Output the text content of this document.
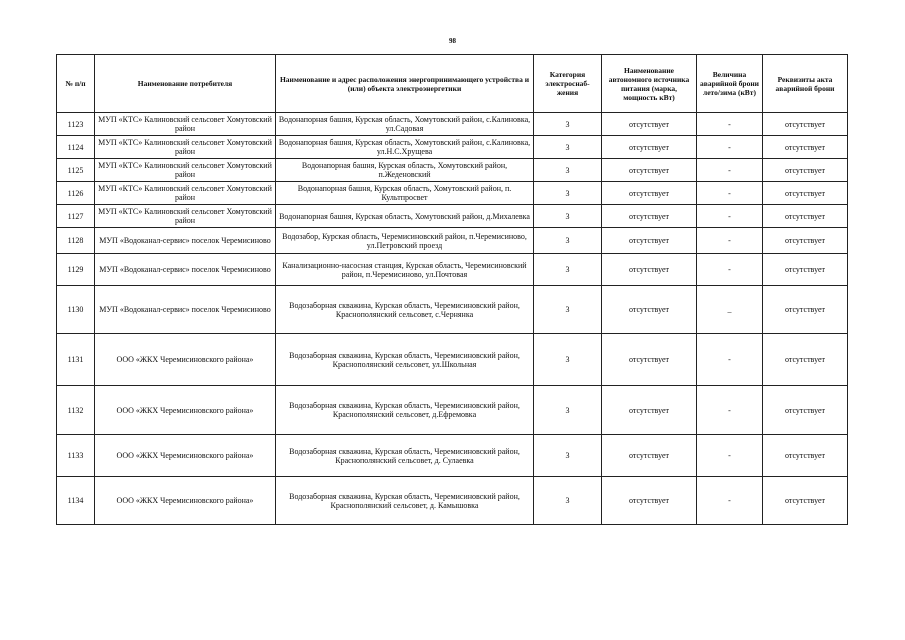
98
№ п/п	Наименование потребителя	Наименование и адрес расположения энергопринимающего устройства и (или) объекта электроэнергетики	Категория электроснаб-жения	Наименование автономного источника питания (марка, мощность кВт)	Величина аварийной брони лето/зима (кВт)	Реквизиты акта аварийной брони
1123	МУП «КТС» Калиновский сельсовет Хомутовский район	Водонапорная башня, Курская область, Хомутовский район, с.Калиновка, ул.Садовая	3	отсутствует	-	отсутствует
1124	МУП «КТС» Калиновский сельсовет Хомутовский район	Водонапорная башня, Курская область, Хомутовский район, с.Калиновка, ул.Н.С.Хрущева	3	отсутствует	-	отсутствует
1125	МУП «КТС» Калиновский сельсовет Хомутовский район	Водонапорная башня, Курская область, Хомутовский район, п.Жеденовский	3	отсутствует	-	отсутствует
1126	МУП «КТС» Калиновский сельсовет Хомутовский район	Водонапорная башня, Курская область, Хомутовский район, п. Культпросвет	3	отсутствует	-	отсутствует
1127	МУП «КТС» Калиновский сельсовет Хомутовский район	Водонапорная башня, Курская область, Хомутовский район, д.Михалевка	3	отсутствует	-	отсутствует
1128	МУП «Водоканал-сервис» поселок Черемисиново	Водозабор, Курская область, Черемисиновский район, п.Черемисиново, ул.Петровский проезд	3	отсутствует	-	отсутствует
1129	МУП «Водоканал-сервис» поселок Черемисиново	Канализационно-насосная станция, Курская область, Черемисиновский район, п.Черемисиново, ул.Почтовая	3	отсутствует	-	отсутствует
1130	МУП «Водоканал-сервис» поселок Черемисиново	Водозаборная скважина, Курская область, Черемисиновский район, Краснополянский сельсовет, с.Чернянка	3	отсутствует	_	отсутствует
1131	ООО «ЖКХ Черемисиновского района»	Водозаборная скважина, Курская область, Черемисиновский район, Краснополянский сельсовет, ул.Школьная	3	отсутствует	-	отсутствует
1132	ООО «ЖКХ Черемисиновского района»	Водозаборная скважина, Курская область, Черемисиновский район, Краснополянский сельсовет, д.Ефремовка	3	отсутствует	-	отсутствует
1133	ООО «ЖКХ Черемисиновского района»	Водозаборная скважина, Курская область, Черемисиновский район, Краснополянский сельсовет, д. Сулаевка	3	отсутствует	-	отсутствует
1134	ООО «ЖКХ Черемисиновского района»	Водозаборная скважина, Курская область, Черемисиновский район, Краснополянский сельсовет, д. Камышовка	3	отсутствует	-	отсутствует
